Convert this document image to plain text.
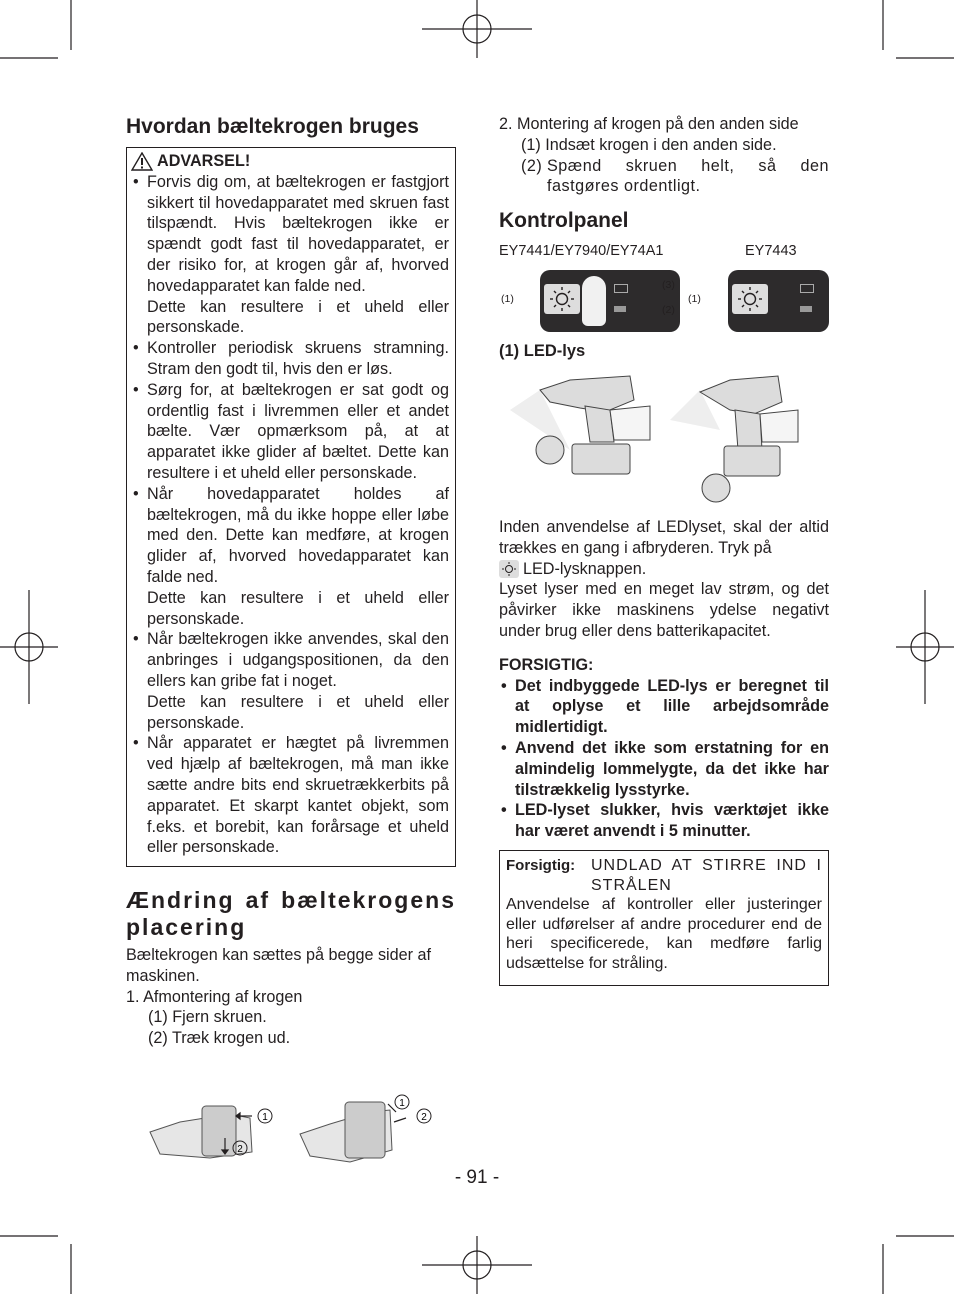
Hvordan bæltekrogen bruges
ADVARSEL!
• Forvis dig om, at bæltekrogen er fastgjort sikkert til hovedapparatet med skruen fast tilspændt. Hvis bæltekrogen ikke er spændt godt fast til hovedapparatet, er der risiko for, at krogen går af, hvorved hovedapparatet kan falde ned.
Dette kan resultere i et uheld eller personskade.
• Kontroller periodisk skruens stramning. Stram den godt til, hvis den er løs.
• Sørg for, at bæltekrogen er sat godt og ordentlig fast i livremmen eller et andet bælte. Vær opmærksom på, at at apparatet ikke glider af bæltet. Dette kan resultere i et uheld eller personskade.
• Når hovedapparatet holdes af bæltekrogen, må du ikke hoppe eller løbe med den. Dette kan medføre, at krogen glider af, hvorved hovedapparatet kan falde ned.
Dette kan resultere i et uheld eller personskade.
• Når bæltekrogen ikke anvendes, skal den anbringes i udgangspositionen, da den ellers kan gribe fat i noget.
Dette kan resultere i et uheld eller personskade.
• Når apparatet er hægtet på livremmen ved hjælp af bæltekrogen, må man ikke sætte andre bits end skruetrækkerbits på apparatet. Et skarpt kantet objekt, som f.eks. et borebit, kan forårsage et uheld eller personskade.
Ændring af bæltekrogens placering
Bæltekrogen kan sættes på begge sider af maskinen.
1. Afmontering af krogen
(1) Fjern skruen.
(2) Træk krogen ud.
1
2
1
2
2. Montering af krogen på den anden side
(1) Indsæt krogen i den anden side.
(2) Spænd skruen helt, så den fastgøres ordentligt.
Kontrolpanel
EY7441/EY7940/EY74A1	EY7443
(1)
(3)
(2)
(1)
(1) LED-lys
Inden anvendelse af LEDlyset, skal der altid trækkes en gang i afbryderen. Tryk på
LED-lysknappen.
Lyset lyser med en meget lav strøm, og det påvirker ikke maskinens ydelse negativt under brug eller dens batterikapacitet.
FORSIGTIG:
• Det indbyggede LED-lys er beregnet til at oplyse et lille arbejdsområde midlertidigt.
• Anvend det ikke som erstatning for en almindelig lommelygte, da det ikke har tilstrækkelig lysstyrke.
• LED-lyset slukker, hvis værktøjet ikke har været anvendt i 5 minutter.
Forsigtig: UNDLAD AT STIRRE IND I
STRÅLEN
Anvendelse af kontroller eller justeringer eller udførelser af andre procedurer end de heri specificerede, kan medføre farlig udsættelse for stråling.
- 91 -
